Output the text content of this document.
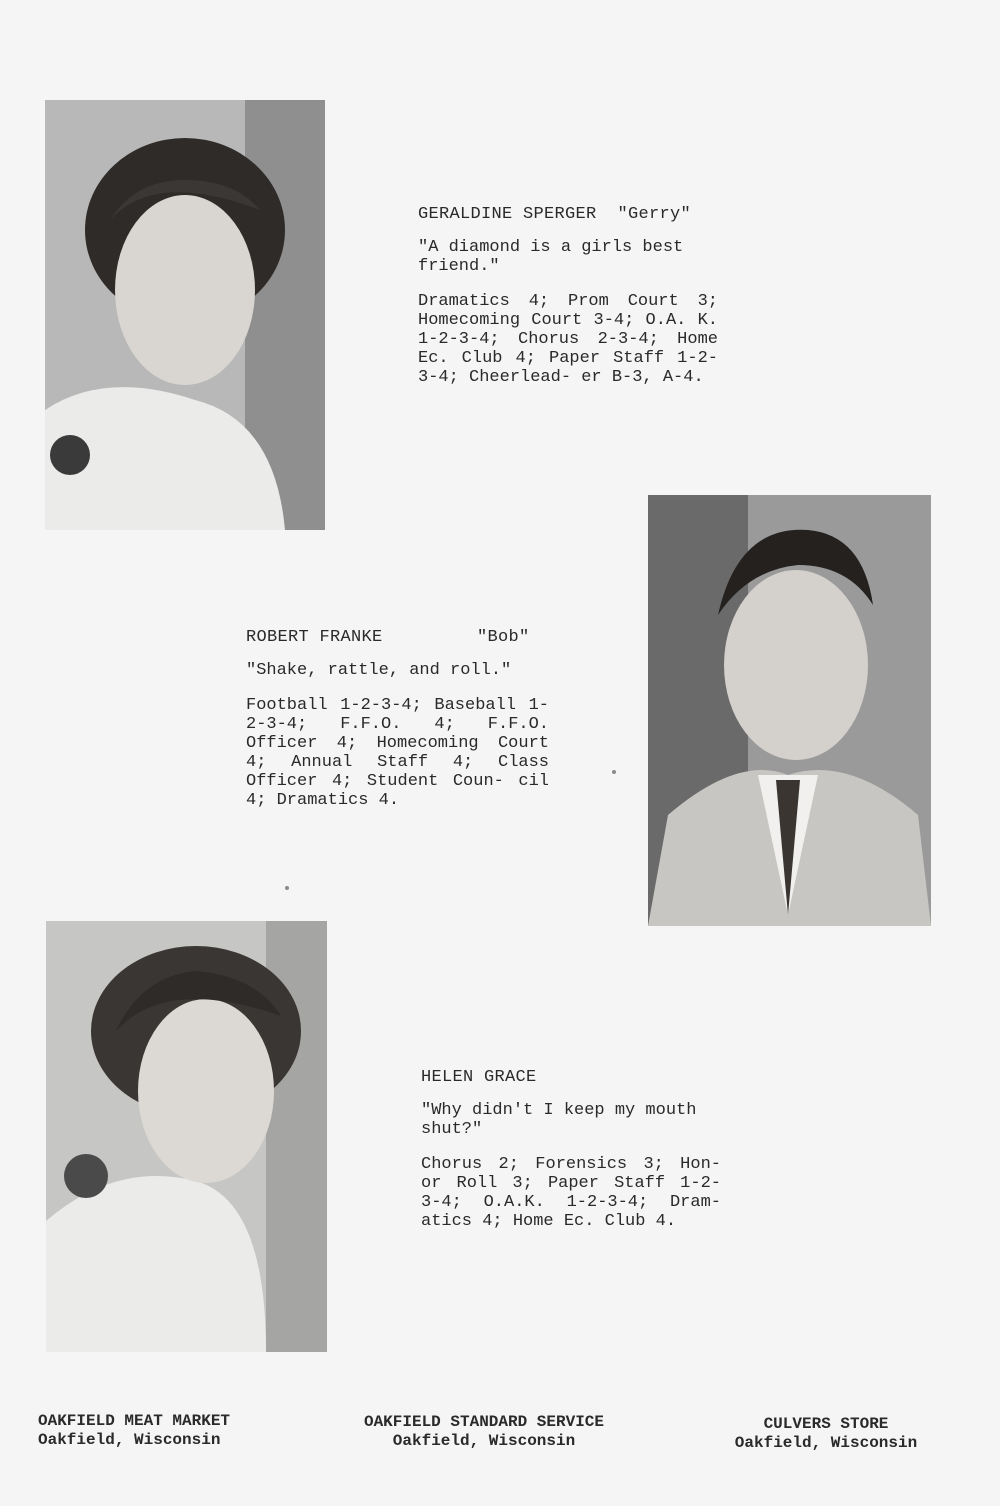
GERALDINE SPERGER "Gerry"
"A diamond is a girls best friend."
Dramatics 4; Prom Court 3; Homecoming Court 3-4; O.A. K. 1-2-3-4; Chorus 2-3-4; Home Ec. Club 4; Paper Staff 1-2-3-4; Cheerlead- er B-3, A-4.
ROBERT FRANKE	"Bob"
"Shake, rattle, and roll."
Football 1-2-3-4; Baseball 1-2-3-4; F.F.O. 4; F.F.O. Officer 4; Homecoming Court 4; Annual Staff 4; Class Officer 4; Student Coun- cil 4; Dramatics 4.
HELEN GRACE
"Why didn't I keep my mouth shut?"
Chorus 2; Forensics 3; Hon- or Roll 3; Paper Staff 1-2- 3-4; O.A.K. 1-2-3-4; Dram- atics 4; Home Ec. Club 4.
OAKFIELD MEAT MARKET
Oakfield, Wisconsin
OAKFIELD STANDARD SERVICE
Oakfield, Wisconsin
CULVERS STORE
Oakfield, Wisconsin
